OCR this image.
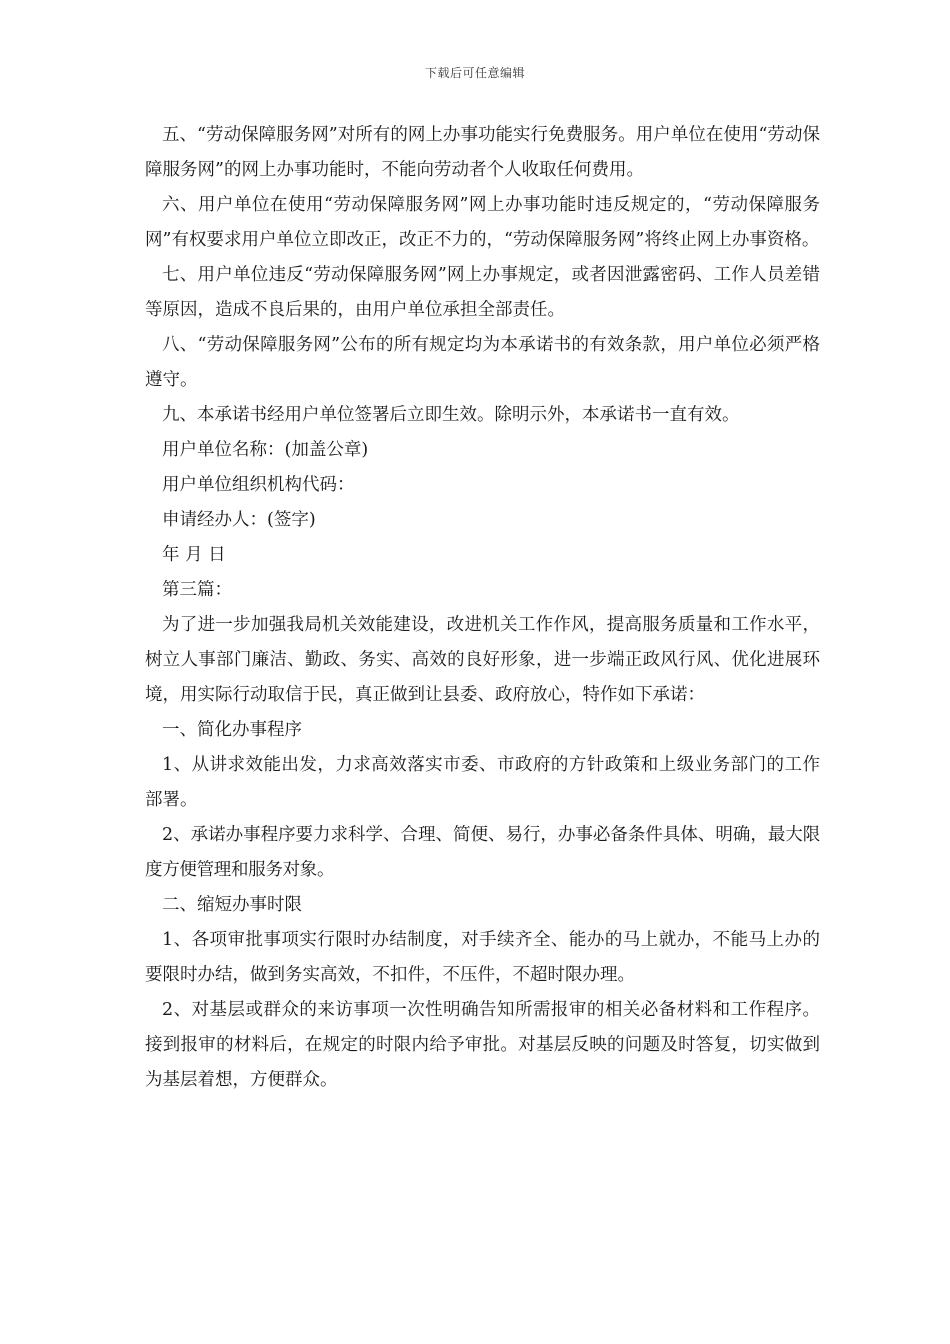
下载后可任意编辑

五、“劳动保障服务网”对所有的网上办事功能实行免费服务。用户单位在使用“劳动保障服务网”的网上办事功能时，不能向劳动者个人收取任何费用。

六、用户单位在使用“劳动保障服务网”网上办事功能时违反规定的，“劳动保障服务网”有权要求用户单位立即改正，改正不力的，“劳动保障服务网”将终止网上办事资格。

七、用户单位违反“劳动保障服务网”网上办事规定，或者因泄露密码、工作人员差错等原因，造成不良后果的，由用户单位承担全部责任。

八、“劳动保障服务网”公布的所有规定均为本承诺书的有效条款，用户单位必须严格遵守。

九、本承诺书经用户单位签署后立即生效。除明示外，本承诺书一直有效。

用户单位名称：(加盖公章)

用户单位组织机构代码：

申请经办人：(签字)

年 月 日

第三篇：

为了进一步加强我局机关效能建设，改进机关工作作风，提高服务质量和工作水平，树立人事部门廉洁、勤政、务实、高效的良好形象，进一步端正政风行风、优化进展环境，用实际行动取信于民，真正做到让县委、政府放心，特作如下承诺：

一、简化办事程序

1、从讲求效能出发，力求高效落实市委、市政府的方针政策和上级业务部门的工作部署。

2、承诺办事程序要力求科学、合理、简便、易行，办事必备条件具体、明确，最大限度方便管理和服务对象。

二、缩短办事时限

1、各项审批事项实行限时办结制度，对手续齐全、能办的马上就办，不能马上办的要限时办结，做到务实高效，不扣件，不压件，不超时限办理。

2、对基层或群众的来访事项一次性明确告知所需报审的相关必备材料和工作程序。接到报审的材料后，在规定的时限内给予审批。对基层反映的问题及时答复，切实做到为基层着想，方便群众。
